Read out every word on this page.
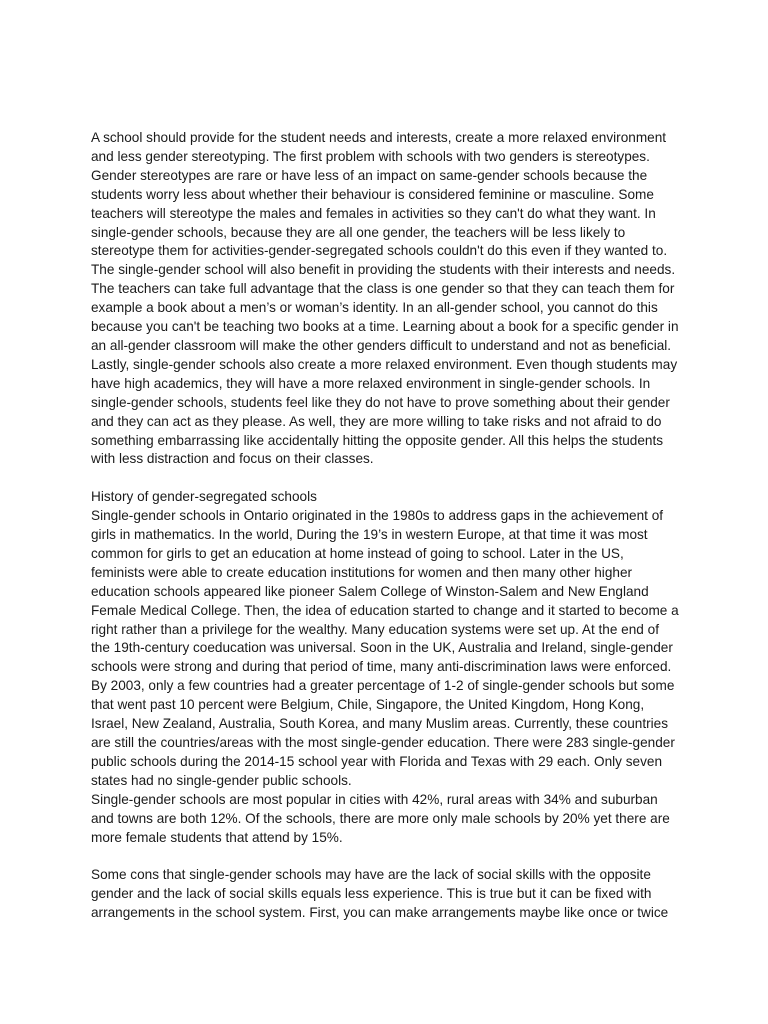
A school should provide for the student needs and interests, create a more relaxed environment and less gender stereotyping. The first problem with schools with two genders is stereotypes. Gender stereotypes are rare or have less of an impact on same-gender schools because the students worry less about whether their behaviour is considered feminine or masculine. Some teachers will stereotype the males and females in activities so they can't do what they want. In single-gender schools, because they are all one gender, the teachers will be less likely to stereotype them for activities-gender-segregated schools couldn't do this even if they wanted to. The single-gender school will also benefit in providing the students with their interests and needs. The teachers can take full advantage that the class is one gender so that they can teach them for example a book about a men’s or woman’s identity. In an all-gender school, you cannot do this because you can't be teaching two books at a time. Learning about a book for a specific gender in an all-gender classroom will make the other genders difficult to understand and not as beneficial. Lastly, single-gender schools also create a more relaxed environment. Even though students may have high academics, they will have a more relaxed environment in single-gender schools. In single-gender schools, students feel like they do not have to prove something about their gender and they can act as they please. As well, they are more willing to take risks and not afraid to do something embarrassing like accidentally hitting the opposite gender. All this helps the students with less distraction and focus on their classes.

History of gender-segregated schools

Single-gender schools in Ontario originated in the 1980s to address gaps in the achievement of girls in mathematics. In the world, During the 19’s in western Europe, at that time it was most common for girls to get an education at home instead of going to school. Later in the US, feminists were able to create education institutions for women and then many other higher education schools appeared like pioneer Salem College of Winston-Salem and New England Female Medical College. Then, the idea of education started to change and it started to become a right rather than a privilege for the wealthy. Many education systems were set up. At the end of the 19th-century coeducation was universal. Soon in the UK, Australia and Ireland, single-gender schools were strong and during that period of time, many anti-discrimination laws were enforced. By 2003, only a few countries had a greater percentage of 1-2 of single-gender schools but some that went past 10 percent were Belgium, Chile, Singapore, the United Kingdom, Hong Kong, Israel, New Zealand, Australia, South Korea, and many Muslim areas. Currently, these countries are still the countries/areas with the most single-gender education. There were 283 single-gender public schools during the 2014-15 school year with Florida and Texas with 29 each. Only seven states had no single-gender public schools.

Single-gender schools are most popular in cities with 42%, rural areas with 34% and suburban and towns are both 12%. Of the schools, there are more only male schools by 20% yet there are more female students that attend by 15%.

Some cons that single-gender schools may have are the lack of social skills with the opposite gender and the lack of social skills equals less experience. This is true but it can be fixed with arrangements in the school system. First, you can make arrangements maybe like once or twice
